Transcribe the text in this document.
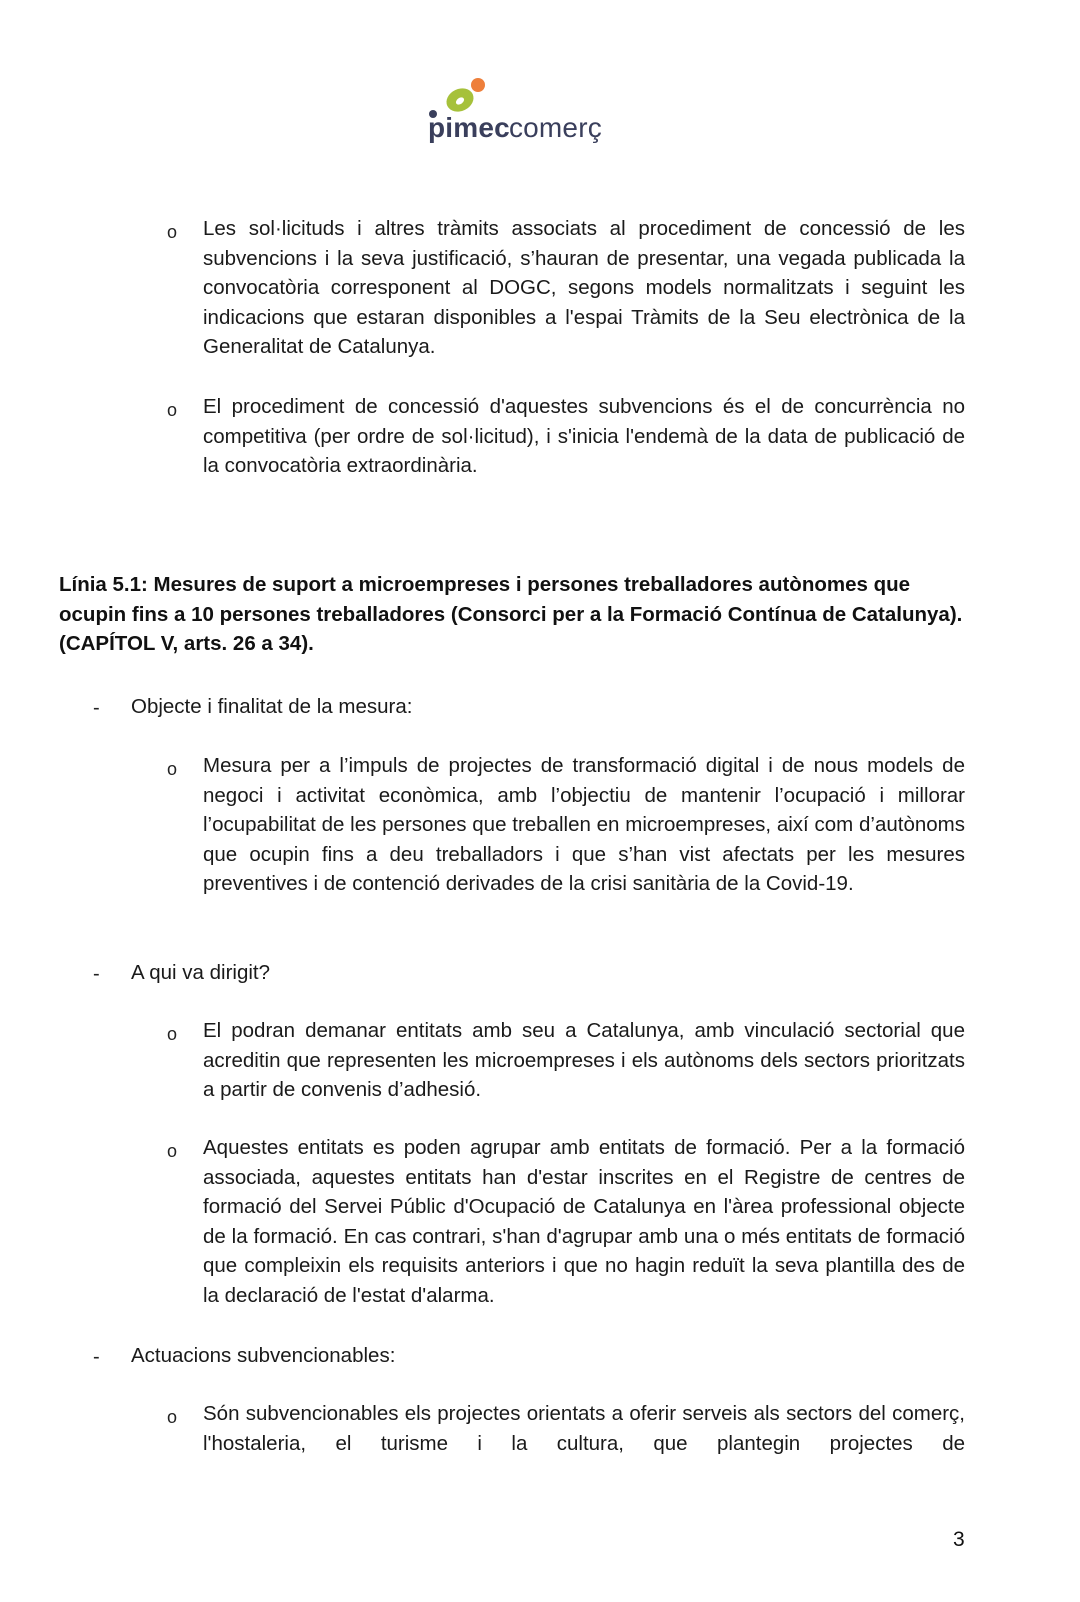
pimeccomerç
o Les sol·licituds i altres tràmits associats al procediment de concessió de les subvencions i la seva justificació, s’hauran de presentar, una vegada publicada la convocatòria corresponent al DOGC, segons models normalitzats i seguint les indicacions que estaran disponibles a l'espai Tràmits de la Seu electrònica de la Generalitat de Catalunya.

o El procediment de concessió d'aquestes subvencions és el de concurrència no competitiva (per ordre de sol·licitud), i s'inicia l'endemà de la data de publicació de la convocatòria extraordinària.

Línia 5.1: Mesures de suport a microempreses i persones treballadores autònomes que ocupin fins a 10 persones treballadores (Consorci per a la Formació Contínua de Catalunya). (CAPÍTOL V, arts. 26 a 34).
- Objecte i finalitat de la mesura:
o Mesura per a l’impuls de projectes de transformació digital i de nous models de negoci i activitat econòmica, amb l’objectiu de mantenir l’ocupació i millorar l’ocupabilitat de les persones que treballen en microempreses, així com d’autònoms que ocupin fins a deu treballadors i que s’han vist afectats per les mesures preventives i de contenció derivades de la crisi sanitària de la Covid-19.

- A qui va dirigit?
o El podran demanar entitats amb seu a Catalunya, amb vinculació sectorial que acreditin que representen les microempreses i els autònoms dels sectors prioritzats a partir de convenis d’adhesió.

o Aquestes entitats es poden agrupar amb entitats de formació. Per a la formació associada, aquestes entitats han d'estar inscrites en el Registre de centres de formació del Servei Públic d'Ocupació de Catalunya en l'àrea professional objecte de la formació. En cas contrari, s'han d'agrupar amb una o més entitats de formació que compleixin els requisits anteriors i que no hagin reduït la seva plantilla des de la declaració de l'estat d'alarma.

- Actuacions subvencionables:
o Són subvencionables els projectes orientats a oferir serveis als sectors del comerç, l'hostaleria, el turisme i la cultura, que plantegin projectes de

3
